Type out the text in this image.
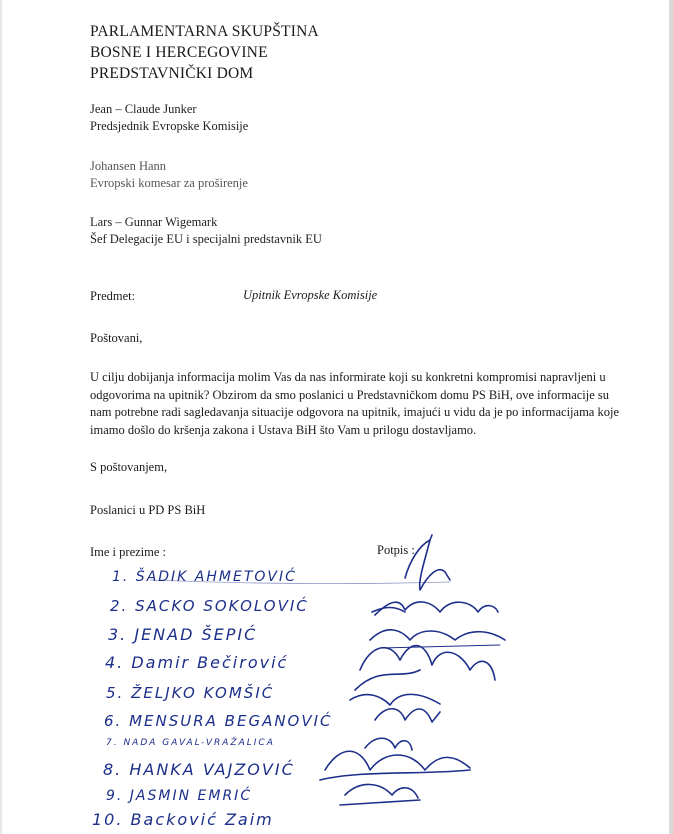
PARLAMENTARNA SKUPŠTINA
BOSNE I HERCEGOVINE
PREDSTAVNIČKI DOM
Jean – Claude Junker
Predsjednik Evropske Komisije
Johansen Hann
Evropski komesar za proširenje
Lars – Gunnar Wigemark
Šef Delegacije EU i specijalni predstavnik EU
Predmet:	Upitnik Evropske Komisije
Poštovani,
U cilju dobijanja informacija molim Vas da nas informirate koji su konkretni kompromisi napravljeni u
odgovorima na upitnik? Obzirom da smo poslanici u Predstavničkom domu PS BiH, ove informacije su
nam potrebne radi sagledavanja situacije odgovora na upitnik, imajući u vidu da je po informacijama koje
imamo došlo do kršenja zakona i Ustava BiH što Vam u prilogu dostavljamo.
S poštovanjem,
Poslanici u PD PS BiH
Ime i prezime :	Potpis :
1. ŠADIK AHMETOVIĆ
2. SACKO SOKOLOVIĆ
3. JENAD ŠEPIĆ
4. Damir Bečirović
5. ŽELJKO KOMŠIĆ
6. MENSURA BEGANOVIĆ
7. NADA GAVAL-VRAŽALICA
8. HANKA VAJZOVIĆ
9. JASMIN EMRIĆ
10. Backović Zaim
